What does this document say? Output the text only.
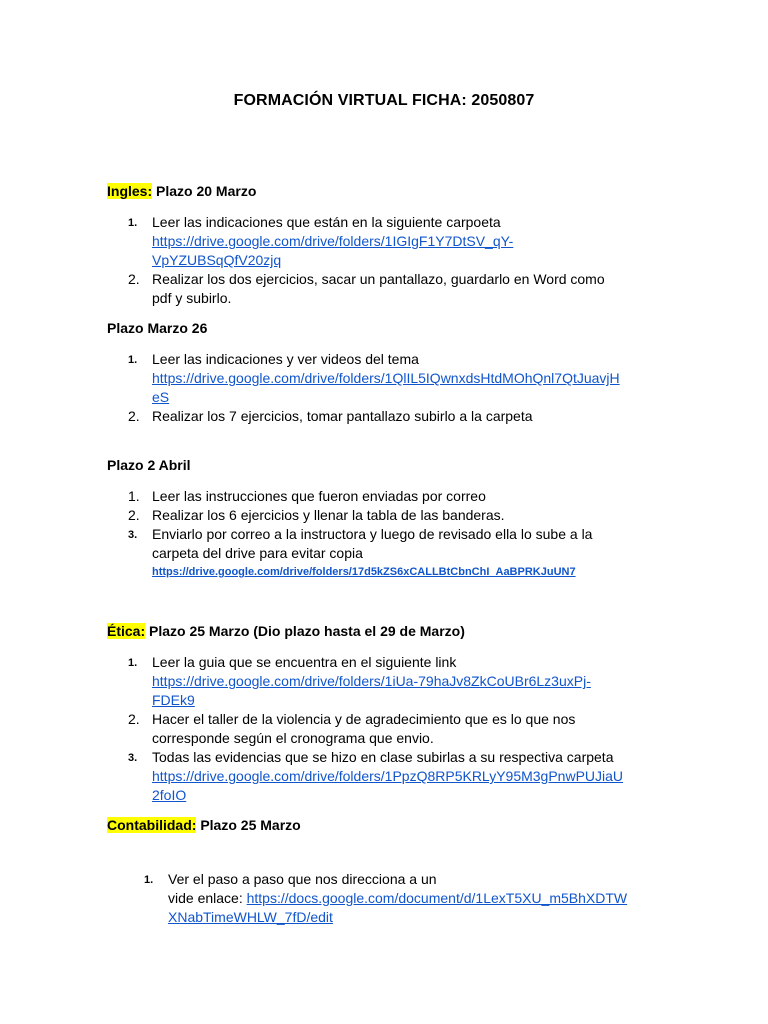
FORMACIÓN VIRTUAL FICHA: 2050807
Ingles: Plazo 20 Marzo
1. Leer las indicaciones que están en la siguiente carpoeta
https://drive.google.com/drive/folders/1IGIgF1Y7DtSV_qY-
VpYZUBSqQfV20zjq
2. Realizar los dos ejercicios, sacar un pantallazo, guardarlo en Word como
pdf y subirlo.
Plazo Marzo 26
1. Leer las indicaciones y ver videos del tema
https://drive.google.com/drive/folders/1QlIL5IQwnxdsHtdMOhQnl7QtJuavjH
eS
2. Realizar los 7 ejercicios, tomar pantallazo subirlo a la carpeta
Plazo 2 Abril
1. Leer las instrucciones que fueron enviadas por correo
2. Realizar los 6 ejercicios y llenar la tabla de las banderas.
3. Enviarlo por correo a la instructora y luego de revisado ella lo sube a la
carpeta del drive para evitar copia
https://drive.google.com/drive/folders/17d5kZS6xCALLBtCbnChI_AaBPRKJuUN7
Ética: Plazo 25 Marzo (Dio plazo hasta el 29 de Marzo)
1. Leer la guia que se encuentra en el siguiente link
https://drive.google.com/drive/folders/1iUa-79haJv8ZkCoUBr6Lz3uxPj-
FDEk9
2. Hacer el taller de la violencia y de agradecimiento que es lo que nos
corresponde según el cronograma que envio.
3. Todas las evidencias que se hizo en clase subirlas a su respectiva carpeta
https://drive.google.com/drive/folders/1PpzQ8RP5KRLyY95M3gPnwPUJiaU
2foIO
Contabilidad: Plazo 25 Marzo
1. Ver el paso a paso que nos direcciona a un
vide enlace: https://docs.google.com/document/d/1LexT5XU_m5BhXDTW
XNabTimeWHLW_7fD/edit
